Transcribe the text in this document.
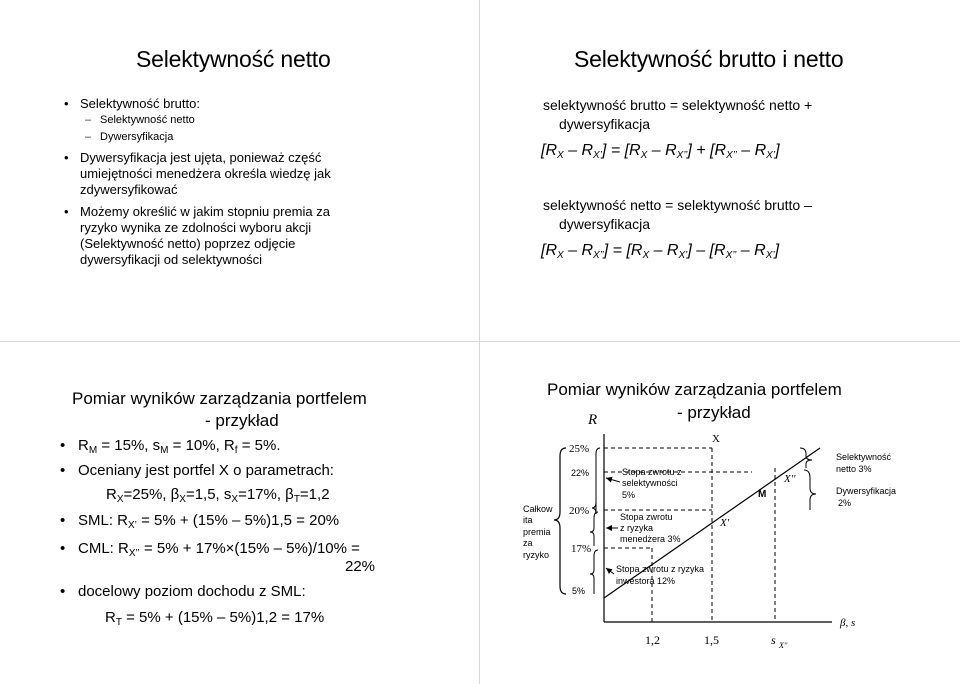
Selektywność netto
• Selektywność brutto:
– Selektywność netto
– Dywersyfikacja
• Dywersyfikacja jest ujęta, ponieważ część
umiejętności menedżera określa wiedzę jak
zdywersyfikować
• Możemy określić w jakim stopniu premia za
ryzyko wynika ze zdolności wyboru akcji
(Selektywność netto) poprzez odjęcie
dywersyfikacji od selektywności
Selektywność brutto i netto
selektywność brutto = selektywność netto +
dywersyfikacja
$[R_X - R_{X’}] = [R_X - R_{X’’}] + [R_{X’’} - R_{X’}]$
selektywność netto = selektywność brutto –
dywersyfikacja
$[R_X - R_{X’’}] = [R_X - R_{X’}] - [R_{X’’} - R_{X’}]$
Pomiar wyników zarządzania portfelem
- przykład
• $R_M = 15\%$, $s_M = 10\%$, $R_f = 5\%$.
• Oceniany jest portfel X o parametrach:
$R_X=25\%$, $\beta_X=1,5$, $s_X=17\%$, $\beta_T=1,2$
• SML: $R_{X’} = 5\% + (15\% - 5\%)1,5 = 20\%$
• CML: $R_{X’’} = 5\% + 17\%\times(15\% - 5\%)/10\%$ =
22%
• docelowy poziom dochodu z SML:
$R_T = 5\% + (15\% - 5\%)1,2 = 17\%$
Pomiar wyników zarządzania portfelem
- przykład
R
25%
22%
20%
17%
5%
X
M
X''
X'
1,2	1,5	s X''
β, s
Całkow
ita
premia
za
ryzyko
Stopa zwrotu z
selektywności
5%
Stopa zwrotu
z ryzyka
menedżera 3%
Stopa zwrotu z ryzyka
inwestora 12%
Selektywność
netto 3%
Dywersyfikacja
2%
